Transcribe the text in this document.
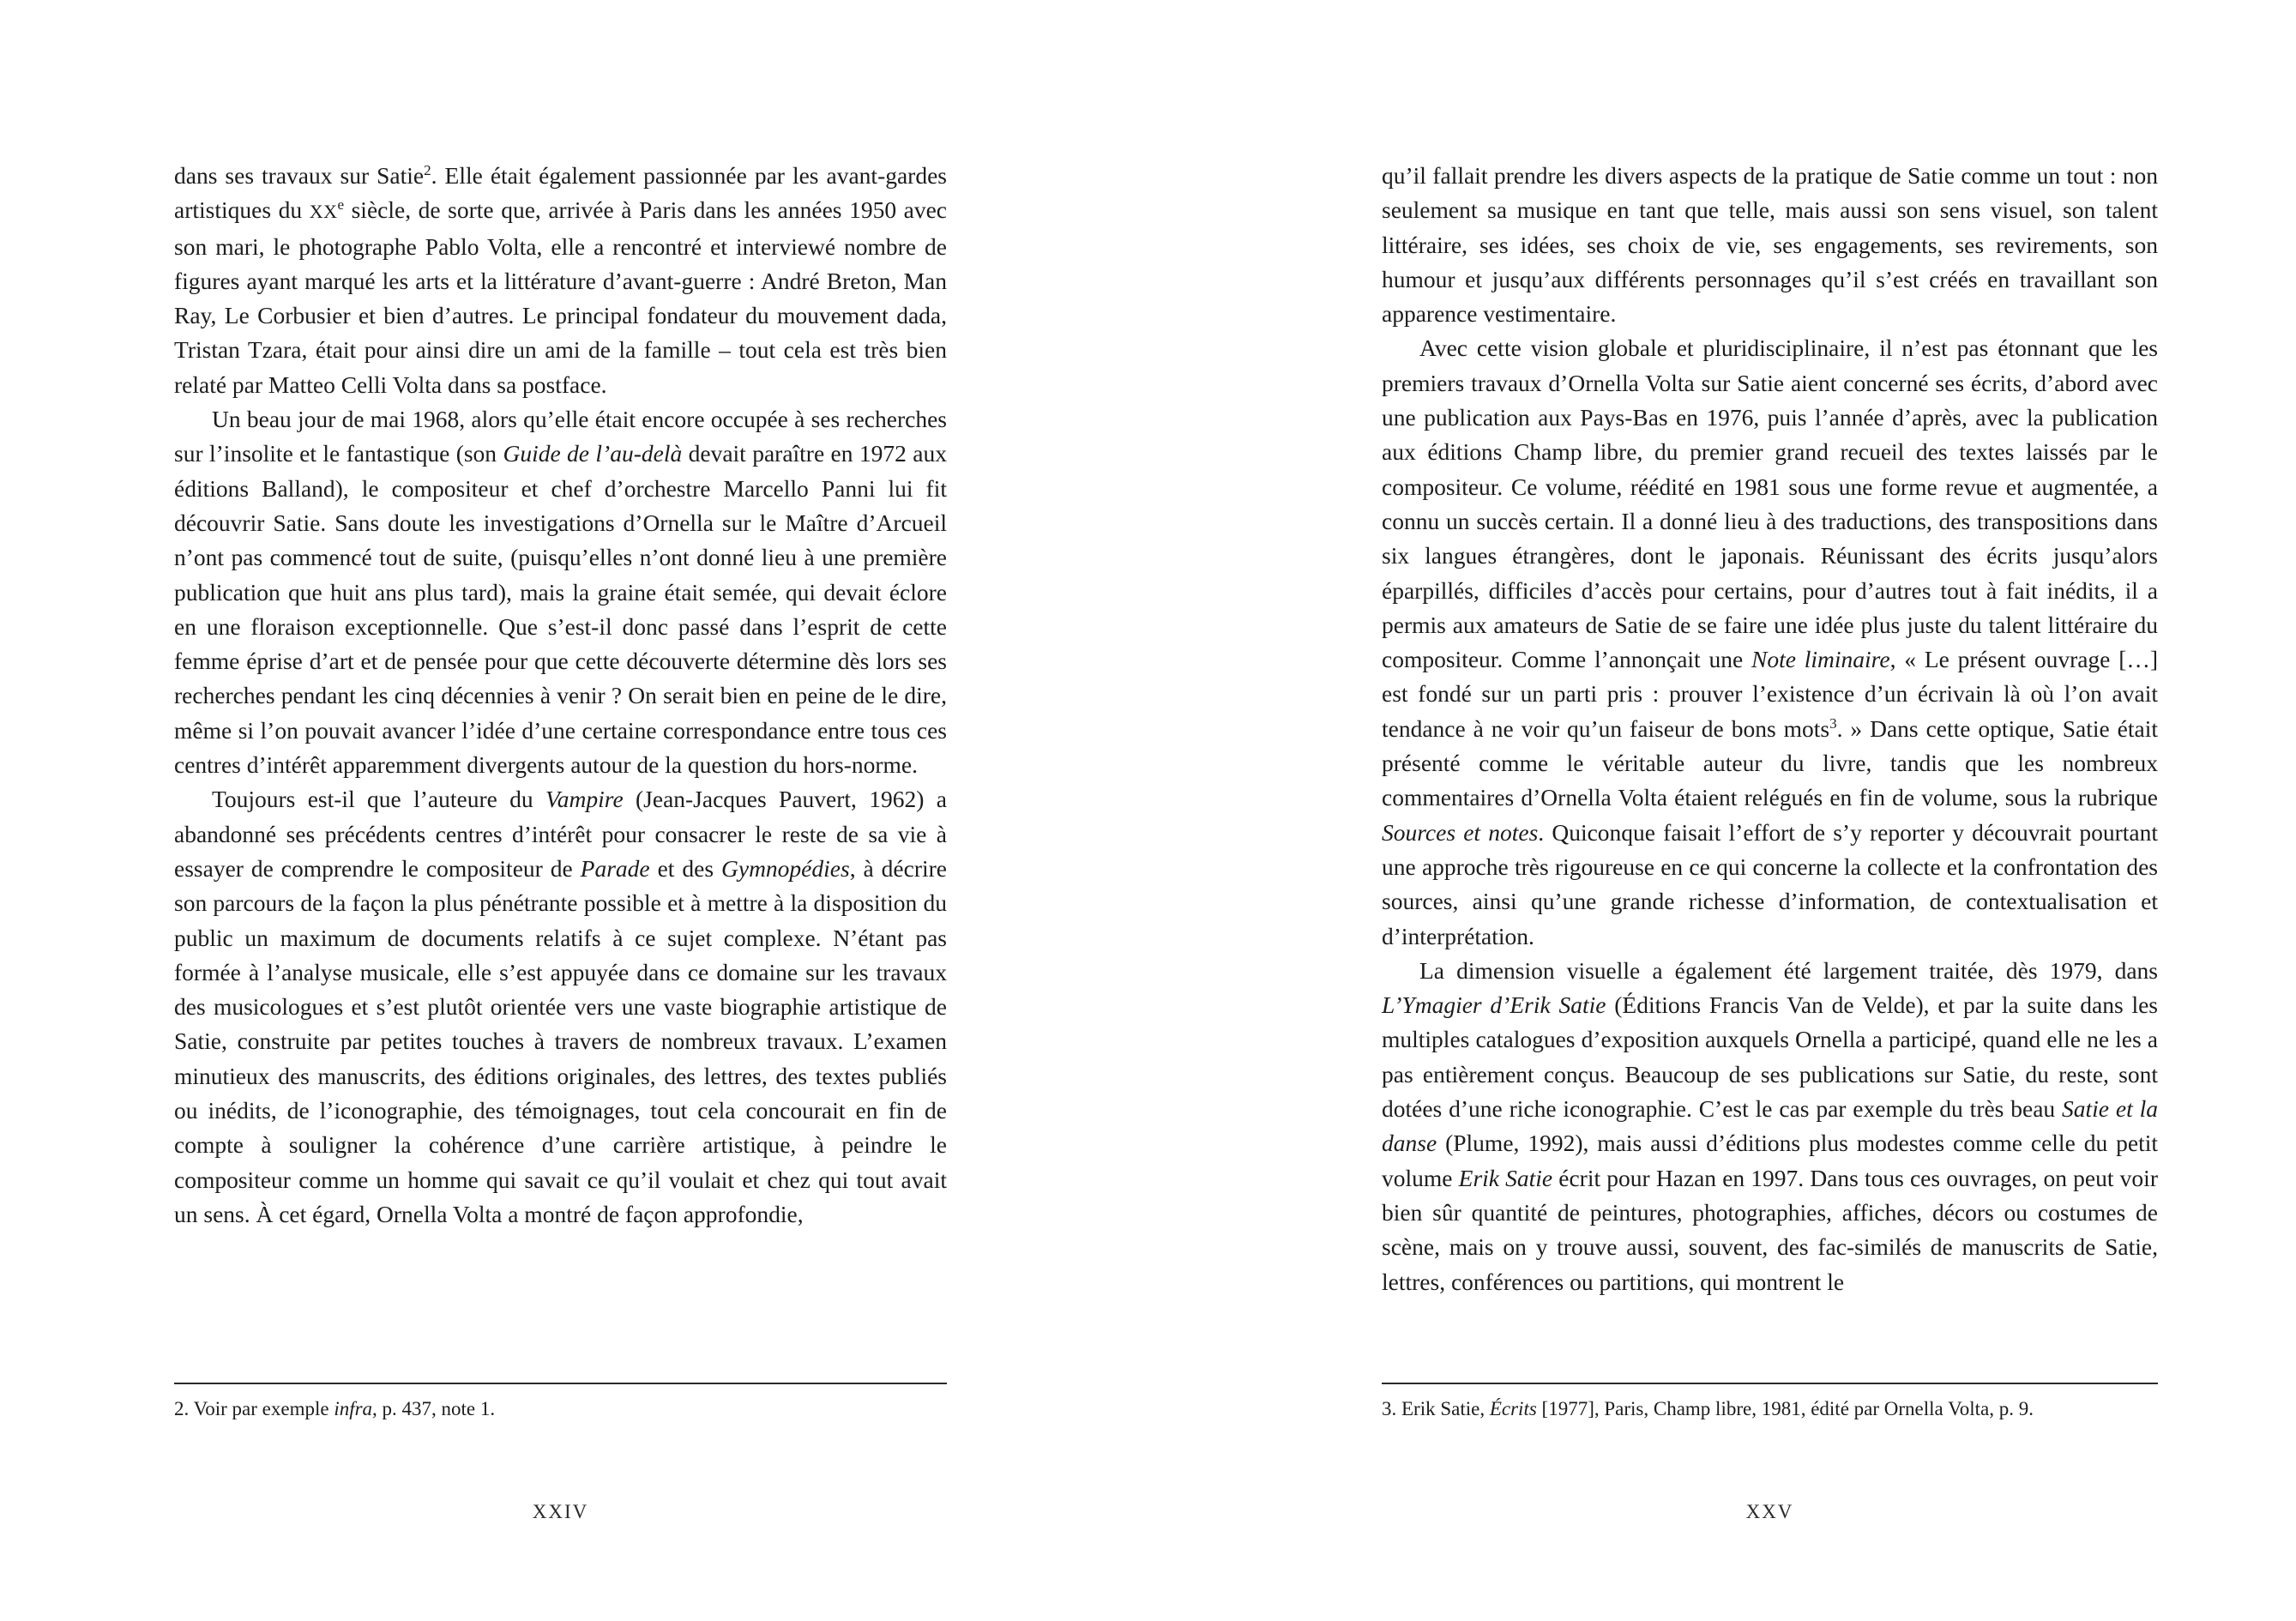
dans ses travaux sur Satie$^2$. Elle était également passionnée par les avant-gardes artistiques du XXe siècle, de sorte que, arrivée à Paris dans les années 1950 avec son mari, le photographe Pablo Volta, elle a rencontré et interviewé nombre de figures ayant marqué les arts et la littérature d’avant-guerre : André Breton, Man Ray, Le Corbusier et bien d’autres. Le principal fondateur du mouvement dada, Tristan Tzara, était pour ainsi dire un ami de la famille – tout cela est très bien relaté par Matteo Celli Volta dans sa postface.

Un beau jour de mai 1968, alors qu’elle était encore occupée à ses recherches sur l’insolite et le fantastique (son Guide de l’au-delà devait paraître en 1972 aux éditions Balland), le compositeur et chef d’orchestre Marcello Panni lui fit découvrir Satie. Sans doute les investigations d’Ornella sur le Maître d’Arcueil n’ont pas commencé tout de suite, (puisqu’elles n’ont donné lieu à une première publication que huit ans plus tard), mais la graine était semée, qui devait éclore en une floraison exceptionnelle. Que s’est-il donc passé dans l’esprit de cette femme éprise d’art et de pensée pour que cette découverte détermine dès lors ses recherches pendant les cinq décennies à venir ? On serait bien en peine de le dire, même si l’on pouvait avancer l’idée d’une certaine correspondance entre tous ces centres d’intérêt apparemment divergents autour de la question du hors-norme.

Toujours est-il que l’auteure du Vampire (Jean-Jacques Pauvert, 1962) a abandonné ses précédents centres d’intérêt pour consacrer le reste de sa vie à essayer de comprendre le compositeur de Parade et des Gymnopédies, à décrire son parcours de la façon la plus pénétrante possible et à mettre à la disposition du public un maximum de documents relatifs à ce sujet complexe. N’étant pas formée à l’analyse musicale, elle s’est appuyée dans ce domaine sur les travaux des musicologues et s’est plutôt orientée vers une vaste biographie artistique de Satie, construite par petites touches à travers de nombreux travaux. L’examen minutieux des manuscrits, des éditions originales, des lettres, des textes publiés ou inédits, de l’iconographie, des témoignages, tout cela concourait en fin de compte à souligner la cohérence d’une carrière artistique, à peindre le compositeur comme un homme qui savait ce qu’il voulait et chez qui tout avait un sens. À cet égard, Ornella Volta a montré de façon approfondie,

2. Voir par exemple infra, p. 437, note 1.

XXIV

qu’il fallait prendre les divers aspects de la pratique de Satie comme un tout : non seulement sa musique en tant que telle, mais aussi son sens visuel, son talent littéraire, ses idées, ses choix de vie, ses engagements, ses revirements, son humour et jusqu’aux différents personnages qu’il s’est créés en travaillant son apparence vestimentaire.

Avec cette vision globale et pluridisciplinaire, il n’est pas étonnant que les premiers travaux d’Ornella Volta sur Satie aient concerné ses écrits, d’abord avec une publication aux Pays-Bas en 1976, puis l’année d’après, avec la publication aux éditions Champ libre, du premier grand recueil des textes laissés par le compositeur. Ce volume, réédité en 1981 sous une forme revue et augmentée, a connu un succès certain. Il a donné lieu à des traductions, des transpositions dans six langues étrangères, dont le japonais. Réunissant des écrits jusqu’alors éparpillés, difficiles d’accès pour certains, pour d’autres tout à fait inédits, il a permis aux amateurs de Satie de se faire une idée plus juste du talent littéraire du compositeur. Comme l’annonçait une Note liminaire, « Le présent ouvrage […] est fondé sur un parti pris : prouver l’existence d’un écrivain là où l’on avait tendance à ne voir qu’un faiseur de bons mots$^3$. » Dans cette optique, Satie était présenté comme le véritable auteur du livre, tandis que les nombreux commentaires d’Ornella Volta étaient relégués en fin de volume, sous la rubrique Sources et notes. Quiconque faisait l’effort de s’y reporter y découvrait pourtant une approche très rigoureuse en ce qui concerne la collecte et la confrontation des sources, ainsi qu’une grande richesse d’information, de contextualisation et d’interprétation.

La dimension visuelle a également été largement traitée, dès 1979, dans L’Ymagier d’Erik Satie (Éditions Francis Van de Velde), et par la suite dans les multiples catalogues d’exposition auxquels Ornella a participé, quand elle ne les a pas entièrement conçus. Beaucoup de ses publications sur Satie, du reste, sont dotées d’une riche iconographie. C’est le cas par exemple du très beau Satie et la danse (Plume, 1992), mais aussi d’éditions plus modestes comme celle du petit volume Erik Satie écrit pour Hazan en 1997. Dans tous ces ouvrages, on peut voir bien sûr quantité de peintures, photographies, affiches, décors ou costumes de scène, mais on y trouve aussi, souvent, des fac-similés de manuscrits de Satie, lettres, conférences ou partitions, qui montrent le

3. Erik Satie, Écrits [1977], Paris, Champ libre, 1981, édité par Ornella Volta, p. 9.

XXV
